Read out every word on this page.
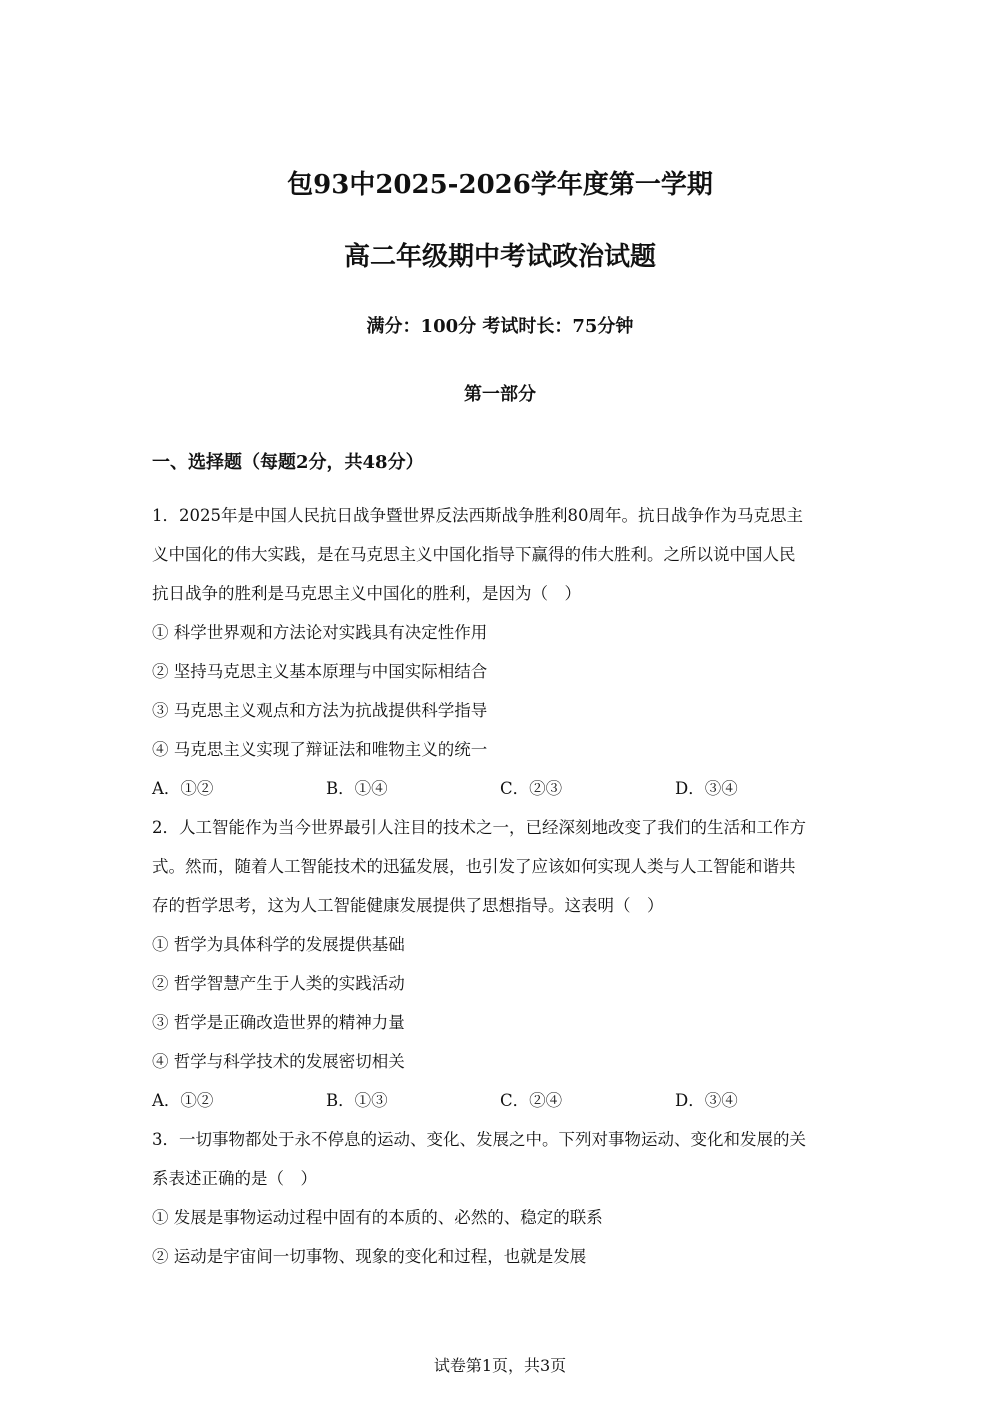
包93中2025-2026学年度第一学期
高二年级期中考试政治试题
满分：100分 考试时长：75分钟
第一部分
一、选择题（每题2分，共48分）
1．2025年是中国人民抗日战争暨世界反法西斯战争胜利80周年。抗日战争作为马克思主
义中国化的伟大实践，是在马克思主义中国化指导下赢得的伟大胜利。之所以说中国人民
抗日战争的胜利是马克思主义中国化的胜利，是因为（　）
① 科学世界观和方法论对实践具有决定性作用
② 坚持马克思主义基本原理与中国实际相结合
③ 马克思主义观点和方法为抗战提供科学指导
④ 马克思主义实现了辩证法和唯物主义的统一
A．①②	B．①④	C．②③	D．③④
2．人工智能作为当今世界最引人注目的技术之一，已经深刻地改变了我们的生活和工作方
式。然而，随着人工智能技术的迅猛发展，也引发了应该如何实现人类与人工智能和谐共
存的哲学思考，这为人工智能健康发展提供了思想指导。这表明（　）
① 哲学为具体科学的发展提供基础
② 哲学智慧产生于人类的实践活动
③ 哲学是正确改造世界的精神力量
④ 哲学与科学技术的发展密切相关
A．①②	B．①③	C．②④	D．③④
3．一切事物都处于永不停息的运动、变化、发展之中。下列对事物运动、变化和发展的关
系表述正确的是（　）
① 发展是事物运动过程中固有的本质的、必然的、稳定的联系
② 运动是宇宙间一切事物、现象的变化和过程，也就是发展
试卷第1页，共3页
